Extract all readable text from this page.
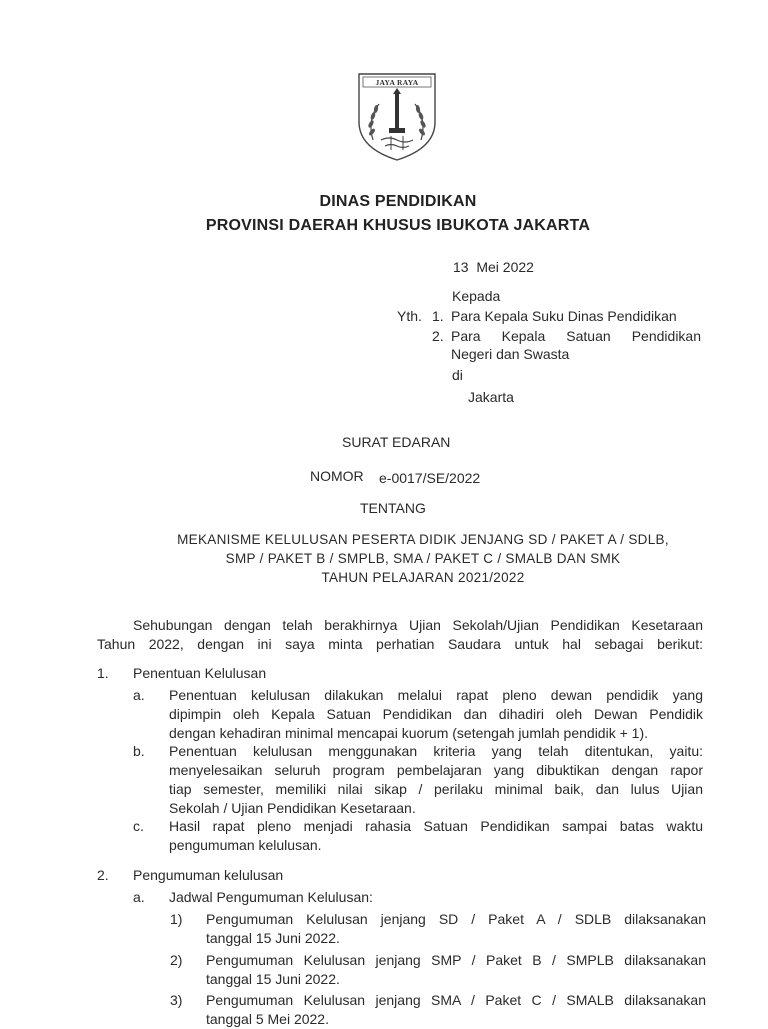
JAYA RAYA
DINAS PENDIDIKAN
PROVINSI DAERAH KHUSUS IBUKOTA JAKARTA
13 Mei 2022
Kepada
Yth. 1. Para Kepala Suku Dinas Pendidikan
2. Para Kepala Satuan Pendidikan
Negeri dan Swasta
di
Jakarta
SURAT EDARAN
NOMOR e-0017/SE/2022
TENTANG
MEKANISME KELULUSAN PESERTA DIDIK JENJANG SD / PAKET A / SDLB,
SMP / PAKET B / SMPLB, SMA / PAKET C / SMALB DAN SMK
TAHUN PELAJARAN 2021/2022
Sehubungan dengan telah berakhirnya Ujian Sekolah/Ujian Pendidikan Kesetaraan
Tahun 2022, dengan ini saya minta perhatian Saudara untuk hal sebagai berikut:
1. Penentuan Kelulusan
a. Penentuan kelulusan dilakukan melalui rapat pleno dewan pendidik yang
dipimpin oleh Kepala Satuan Pendidikan dan dihadiri oleh Dewan Pendidik
dengan kehadiran minimal mencapai kuorum (setengah jumlah pendidik + 1).
b. Penentuan kelulusan menggunakan kriteria yang telah ditentukan, yaitu:
menyelesaikan seluruh program pembelajaran yang dibuktikan dengan rapor
tiap semester, memiliki nilai sikap / perilaku minimal baik, dan lulus Ujian
Sekolah / Ujian Pendidikan Kesetaraan.
c. Hasil rapat pleno menjadi rahasia Satuan Pendidikan sampai batas waktu
pengumuman kelulusan.
2. Pengumuman kelulusan
a. Jadwal Pengumuman Kelulusan:
1) Pengumuman Kelulusan jenjang SD / Paket A / SDLB dilaksanakan
tanggal 15 Juni 2022.
2) Pengumuman Kelulusan jenjang SMP / Paket B / SMPLB dilaksanakan
tanggal 15 Juni 2022.
3) Pengumuman Kelulusan jenjang SMA / Paket C / SMALB dilaksanakan
tanggal 5 Mei 2022.
